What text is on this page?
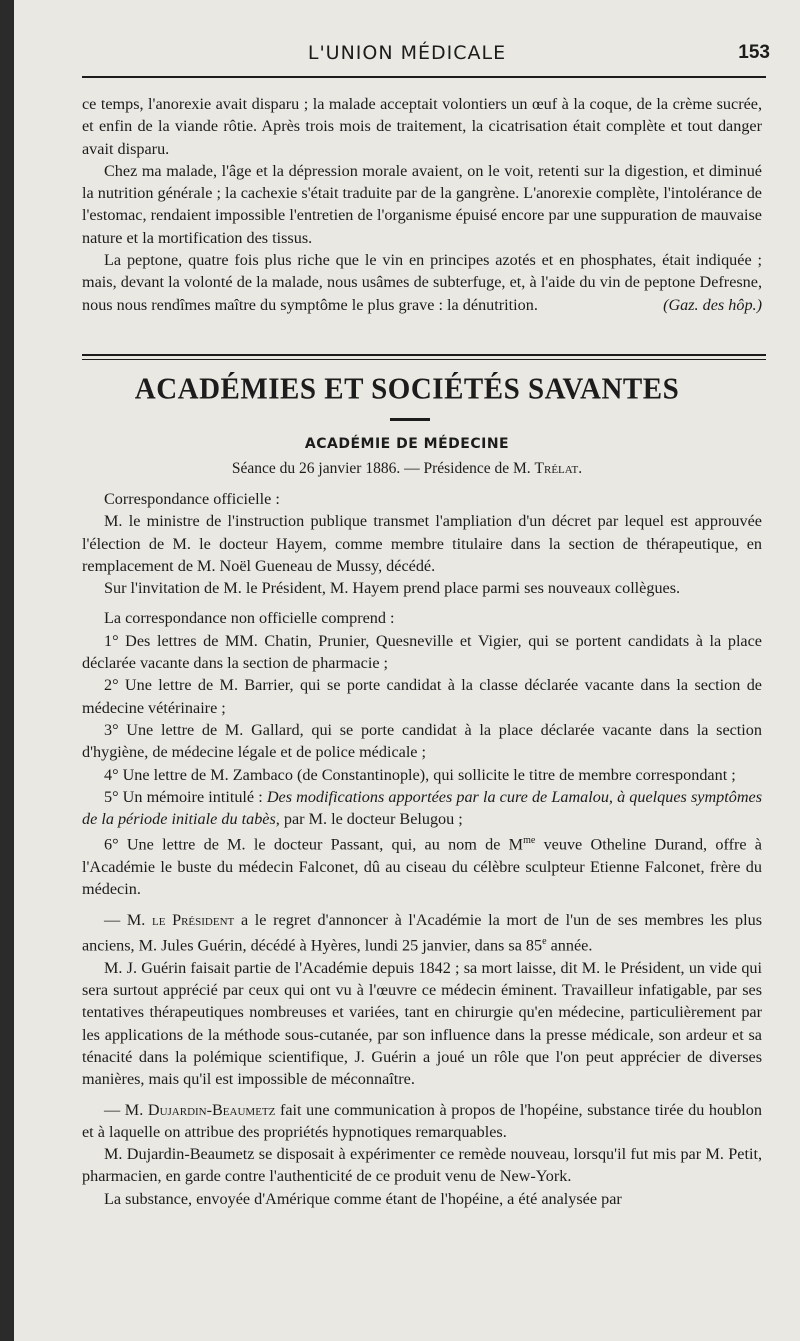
L'UNION MÉDICALE	153

ce temps, l'anorexie avait disparu ; la malade acceptait volontiers un œuf à la coque, de la crème sucrée, et enfin de la viande rôtie. Après trois mois de traitement, la cicatrisation était complète et tout danger avait disparu.

Chez ma malade, l'âge et la dépression morale avaient, on le voit, retenti sur la digestion, et diminué la nutrition générale ; la cachexie s'était traduite par de la gangrène. L'anorexie complète, l'intolérance de l'estomac, rendaient impossible l'entretien de l'organisme épuisé encore par une suppuration de mauvaise nature et la mortification des tissus.

La peptone, quatre fois plus riche que le vin en principes azotés et en phosphates, était indiquée ; mais, devant la volonté de la malade, nous usâmes de subterfuge, et, à l'aide du vin de peptone Defresne, nous nous rendîmes maître du symptôme le plus grave : la dénutrition.	(Gaz. des hôp.)

ACADÉMIES ET SOCIÉTÉS SAVANTES
ACADÉMIE DE MÉDECINE
Séance du 26 janvier 1886. — Présidence de M. Trélat.

Correspondance officielle :

M. le ministre de l'instruction publique transmet l'ampliation d'un décret par lequel est approuvée l'élection de M. le docteur Hayem, comme membre titulaire dans la section de thérapeutique, en remplacement de M. Noël Gueneau de Mussy, décédé.

Sur l'invitation de M. le Président, M. Hayem prend place parmi ses nouveaux collègues.

La correspondance non officielle comprend :

1° Des lettres de MM. Chatin, Prunier, Quesneville et Vigier, qui se portent candidats à la place déclarée vacante dans la section de pharmacie ;

2° Une lettre de M. Barrier, qui se porte candidat à la classe déclarée vacante dans la section de médecine vétérinaire ;

3° Une lettre de M. Gallard, qui se porte candidat à la place déclarée vacante dans la section d'hygiène, de médecine légale et de police médicale ;

4° Une lettre de M. Zambaco (de Constantinople), qui sollicite le titre de membre correspondant ;

5° Un mémoire intitulé : Des modifications apportées par la cure de Lamalou, à quelques symptômes de la période initiale du tabès, par M. le docteur Belugou ;

6° Une lettre de M. le docteur Passant, qui, au nom de $M^{me}$ veuve Otheline Durand, offre à l'Académie le buste du médecin Falconet, dû au ciseau du célèbre sculpteur Etienne Falconet, frère du médecin.

— M. le Président a le regret d'annoncer à l'Académie la mort de l'un de ses membres les plus anciens, M. Jules Guérin, décédé à Hyères, lundi 25 janvier, dans sa 85e année.

M. J. Guérin faisait partie de l'Académie depuis 1842 ; sa mort laisse, dit M. le Président, un vide qui sera surtout apprécié par ceux qui ont vu à l'œuvre ce médecin éminent. Travailleur infatigable, par ses tentatives thérapeutiques nombreuses et variées, tant en chirurgie qu'en médecine, particulièrement par les applications de la méthode sous-cutanée, par son influence dans la presse médicale, son ardeur et sa ténacité dans la polémique scientifique, J. Guérin a joué un rôle que l'on peut apprécier de diverses manières, mais qu'il est impossible de méconnaître.

— M. Dujardin-Beaumetz fait une communication à propos de l'hopéine, substance tirée du houblon et à laquelle on attribue des propriétés hypnotiques remarquables.

M. Dujardin-Beaumetz se disposait à expérimenter ce remède nouveau, lorsqu'il fut mis par M. Petit, pharmacien, en garde contre l'authenticité de ce produit venu de New-York.

La substance, envoyée d'Amérique comme étant de l'hopéine, a été analysée par
